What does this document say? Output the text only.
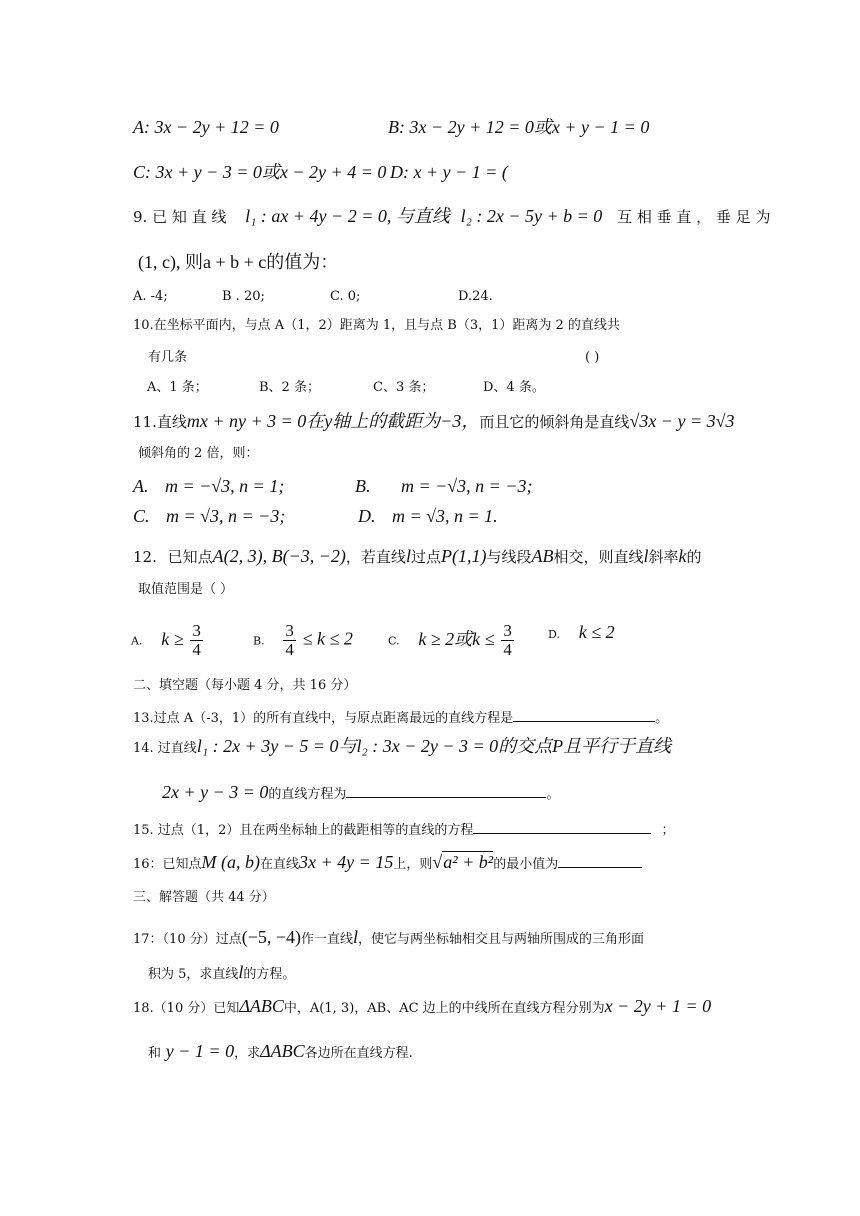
A: 3x − 2y + 12 = 0	B: 3x − 2y + 12 = 0或x + y − 1 = 0
C: 3x + y − 3 = 0或x − 2y + 4 = 0 D: x + y − 1 = (
9. 已 知 直 线 l₁ : ax + 4y − 2 = 0, 与直线 l₂ : 2x − 5y + b = 0 互 相 垂 直 ， 垂 足 为
(1, c), 则a + b + c的值为：
A. -4;	B . 20;	C. 0;	D.24.
10.在坐标平面内，与点 A（1，2）距离为 1，且与点 B（3，1）距离为 2 的直线共
有几条	( )
A、1 条；	B、2 条；	C、3 条；	D、4 条。
11.直线mx + ny + 3 = 0在y轴上的截距为−3，而且它的倾斜角是直线√3x − y = 3√3
倾斜角的 2 倍，则：
A. m = −√3, n = 1;	B. m = −√3, n = −3;
C. m = √3, n = −3;	D. m = √3, n = 1.
12. 已知点A(2, 3), B(−3, −2)，若直线l过点P(1,1)与线段AB相交，则直线l斜率k的
取值范围是（ ）
A. $k \ge \frac{3}{4}$	B. $\frac{3}{4} \le k \le 2$	C. k ≥ 2或$k \le \frac{3}{4}$	D. k ≤ 2
二、填空题（每小题 4 分，共 16 分）
13.过点 A（-3，1）的所有直线中，与原点距离最远的直线方程是	。
14. 过直线l₁ : 2x + 3y − 5 = 0与l₂ : 3x − 2y − 3 = 0的交点P且平行于直线
2x + y − 3 = 0的直线方程为	。
15. 过点（1，2）且在两坐标轴上的截距相等的直线的方程	；
16：已知点M (a, b)在直线3x + 4y = 15上，则√a² + b²的最小值为
三、解答题（共 44 分）
17：（10 分）过点(−5, −4)作一直线l，使它与两坐标轴相交且与两轴所围成的三角形面
积为 5，求直线l的方程。
18.（10 分）已知ΔABC中，A(1, 3)，AB、AC 边上的中线所在直线方程分别为x − 2y + 1 = 0
和 y − 1 = 0，求ΔABC各边所在直线方程.
